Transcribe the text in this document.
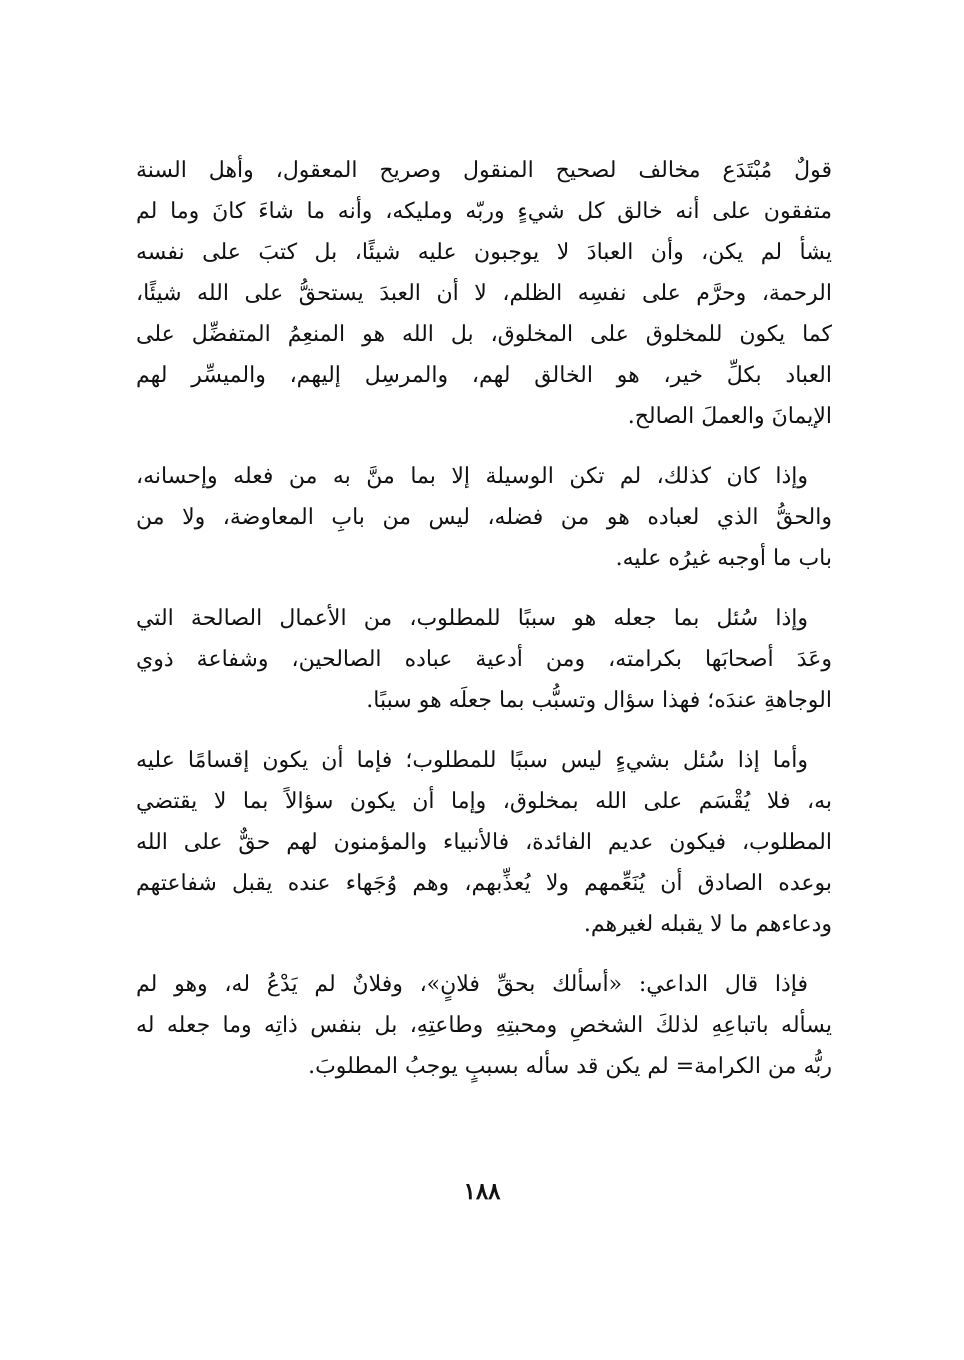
قولٌ مُبْتَدَع مخالف لصحيح المنقول وصريح المعقول، وأهل السنة
متفقون على أنه خالق كل شيءٍ وربّه ومليكه، وأنه ما شاءَ كانَ وما لم
يشأ لم يكن، وأن العبادَ لا يوجبون عليه شيئًا، بل كتبَ على نفسه
الرحمة، وحرَّم على نفسِه الظلم، لا أن العبدَ يستحقُّ على الله شيئًا،
كما يكون للمخلوق على المخلوق، بل الله هو المنعِمُ المتفضِّل على
العباد بكلِّ خير، هو الخالق لهم، والمرسِل إليهم، والميسِّر لهم
الإيمانَ والعملَ الصالح.

وإذا كان كذلك، لم تكن الوسيلة إلا بما منَّ به من فعله وإحسانه،
والحقُّ الذي لعباده هو من فضله، ليس من بابِ المعاوضة، ولا من
باب ما أوجبه غيرُه عليه.

وإذا سُئل بما جعله هو سببًا للمطلوب، من الأعمال الصالحة التي
وعَدَ أصحابَها بكرامته، ومن أدعية عباده الصالحين، وشفاعة ذوي
الوجاهةِ عندَه؛ فهذا سؤال وتسبُّب بما جعلَه هو سببًا.

وأما إذا سُئل بشيءٍ ليس سببًا للمطلوب؛ فإما أن يكون إقسامًا عليه
به، فلا يُقْسَم على الله بمخلوق، وإما أن يكون سؤالاً بما لا يقتضي
المطلوب، فيكون عديم الفائدة، فالأنبياء والمؤمنون لهم حقٌّ على الله
بوعده الصادق أن يُنَعِّمهم ولا يُعذِّبهم، وهم وُجَهاء عنده يقبل شفاعتهم
ودعاءهم ما لا يقبله لغيرهم.

فإذا قال الداعي: «أسألك بحقِّ فلانٍ»، وفلانٌ لم يَدْعُ له، وهو لم
يسأله باتباعِهِ لذلكَ الشخصِ ومحبتِهِ وطاعتِهِ، بل بنفس ذاتِه وما جعله له
ربُّه من الكرامة= لم يكن قد سأله بسببٍ يوجبُ المطلوبَ.

١٨٨
